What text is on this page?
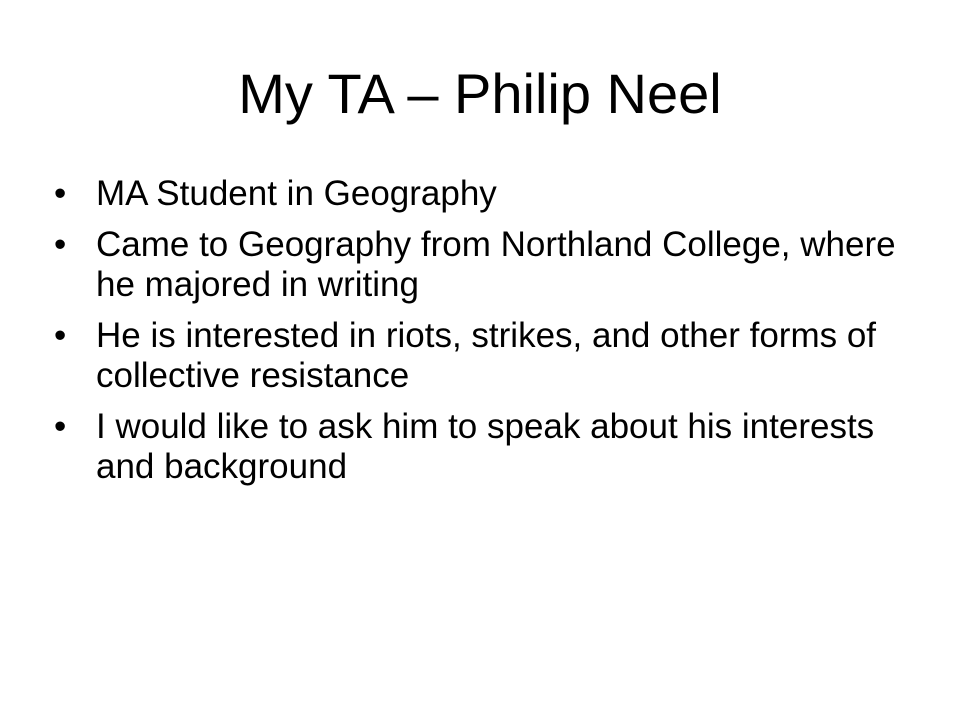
My TA – Philip Neel
• MA Student in Geography
• Came to Geography from Northland College, where he majored in writing
• He is interested in riots, strikes, and other forms of collective resistance
• I would like to ask him to speak about his interests and background
